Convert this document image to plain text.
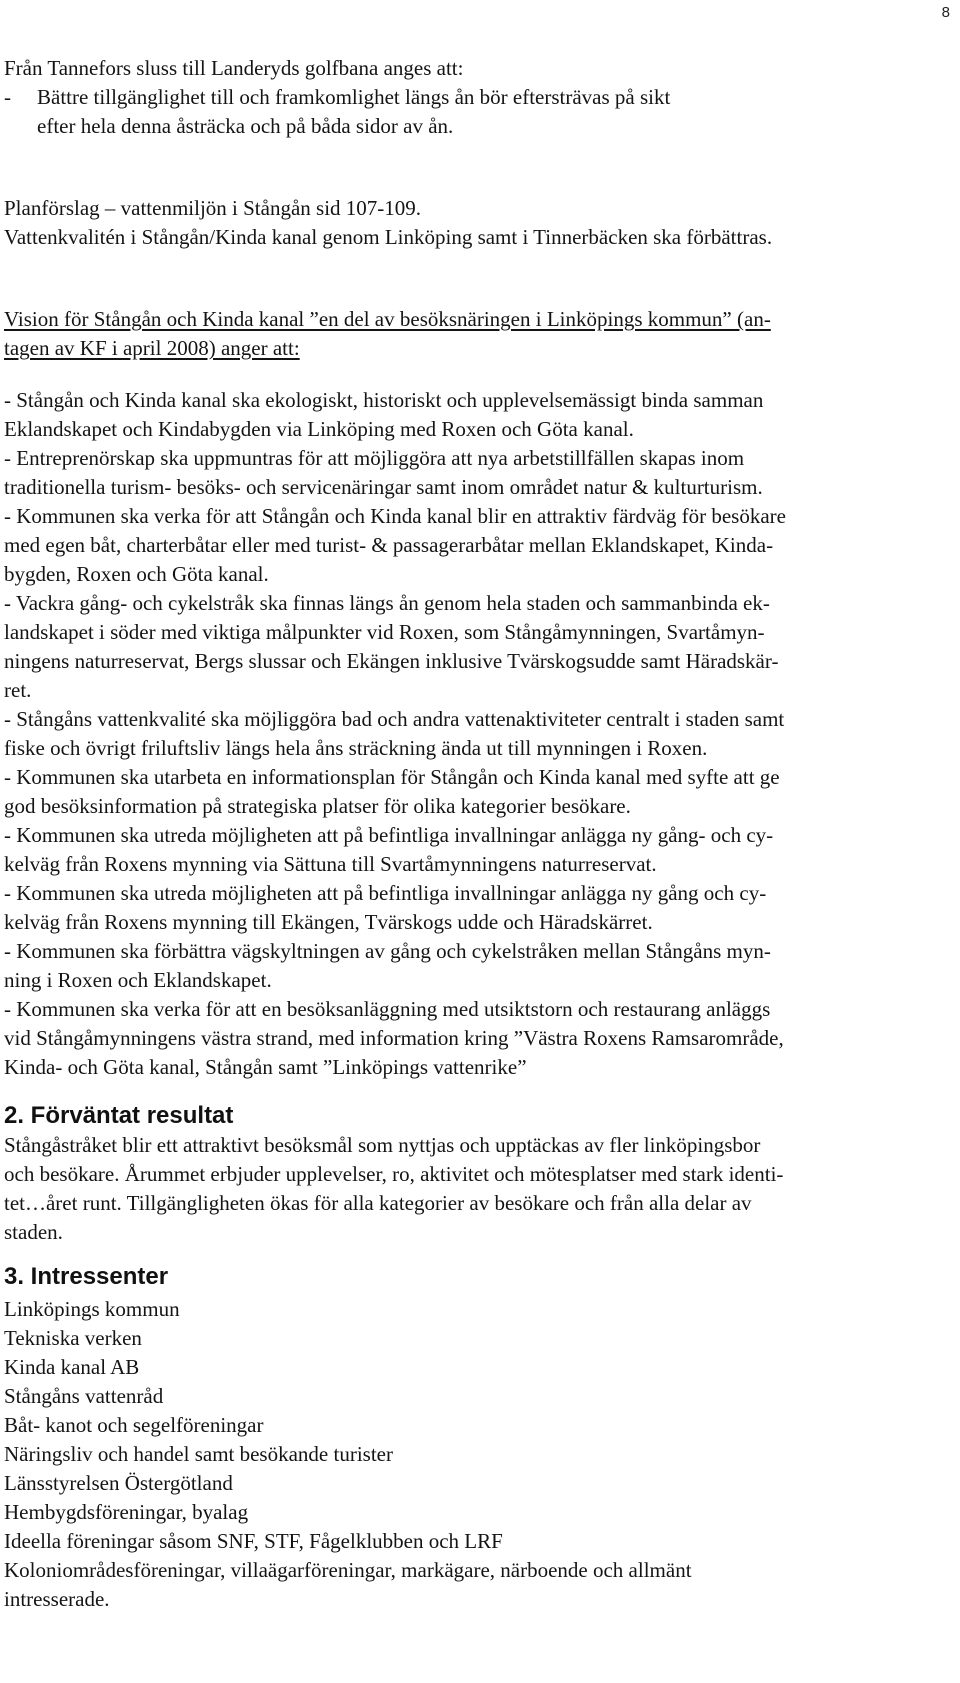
8
Från Tannefors sluss till Landeryds golfbana anges att:
- Bättre tillgänglighet till och framkomlighet längs ån bör eftersträvas på sikt
efter hela denna åsträcka och på båda sidor av ån.
Planförslag – vattenmiljön i Stångån sid 107-109.
Vattenkvalitén i Stångån/Kinda kanal genom Linköping samt i Tinnerbäcken ska förbättras.
Vision för Stångån och Kinda kanal ”en del av besöksnäringen i Linköpings kommun” (an-
tagen av KF i april 2008) anger att:
- Stångån och Kinda kanal ska ekologiskt, historiskt och upplevelsemässigt binda samman
Eklandskapet och Kindabygden via Linköping med Roxen och Göta kanal.
- Entreprenörskap ska uppmuntras för att möjliggöra att nya arbetstillfällen skapas inom
traditionella turism- besöks- och servicenäringar samt inom området natur & kulturturism.
- Kommunen ska verka för att Stångån och Kinda kanal blir en attraktiv färdväg för besökare
med egen båt, charterbåtar eller med turist- & passagerarbåtar mellan Eklandskapet, Kinda-
bygden, Roxen och Göta kanal.
- Vackra gång- och cykelstråk ska finnas längs ån genom hela staden och sammanbinda ek-
landskapet i söder med viktiga målpunkter vid Roxen, som Stångåmynningen, Svartåmyn-
ningens naturreservat, Bergs slussar och Ekängen inklusive Tvärskogsudde samt Häradskär-
ret.
- Stångåns vattenkvalité ska möjliggöra bad och andra vattenaktiviteter centralt i staden samt
fiske och övrigt friluftsliv längs hela åns sträckning ända ut till mynningen i Roxen.
- Kommunen ska utarbeta en informationsplan för Stångån och Kinda kanal med syfte att ge
god besöksinformation på strategiska platser för olika kategorier besökare.
- Kommunen ska utreda möjligheten att på befintliga invallningar anlägga ny gång- och cy-
kelväg från Roxens mynning via Sättuna till Svartåmynningens naturreservat.
- Kommunen ska utreda möjligheten att på befintliga invallningar anlägga ny gång och cy-
kelväg från Roxens mynning till Ekängen, Tvärskogs udde och Häradskärret.
- Kommunen ska förbättra vägskyltningen av gång och cykelstråken mellan Stångåns myn-
ning i Roxen och Eklandskapet.
- Kommunen ska verka för att en besöksanläggning med utsiktstorn och restaurang anläggs
vid Stångåmynningens västra strand, med information kring ”Västra Roxens Ramsarområde,
Kinda- och Göta kanal, Stångån samt ”Linköpings vattenrike”
2. Förväntat resultat
Stångåstråket blir ett attraktivt besöksmål som nyttjas och upptäckas av fler linköpingsbor
och besökare. Årummet erbjuder upplevelser, ro, aktivitet och mötesplatser med stark identi-
tet…året runt. Tillgängligheten ökas för alla kategorier av besökare och från alla delar av
staden.
3. Intressenter
Linköpings kommun
Tekniska verken
Kinda kanal AB
Stångåns vattenråd
Båt- kanot och segelföreningar
Näringsliv och handel samt besökande turister
Länsstyrelsen Östergötland
Hembygdsföreningar, byalag
Ideella föreningar såsom SNF, STF, Fågelklubben och LRF
Koloniområdesföreningar, villaägarföreningar, markägare, närboende och allmänt
intresserade.
